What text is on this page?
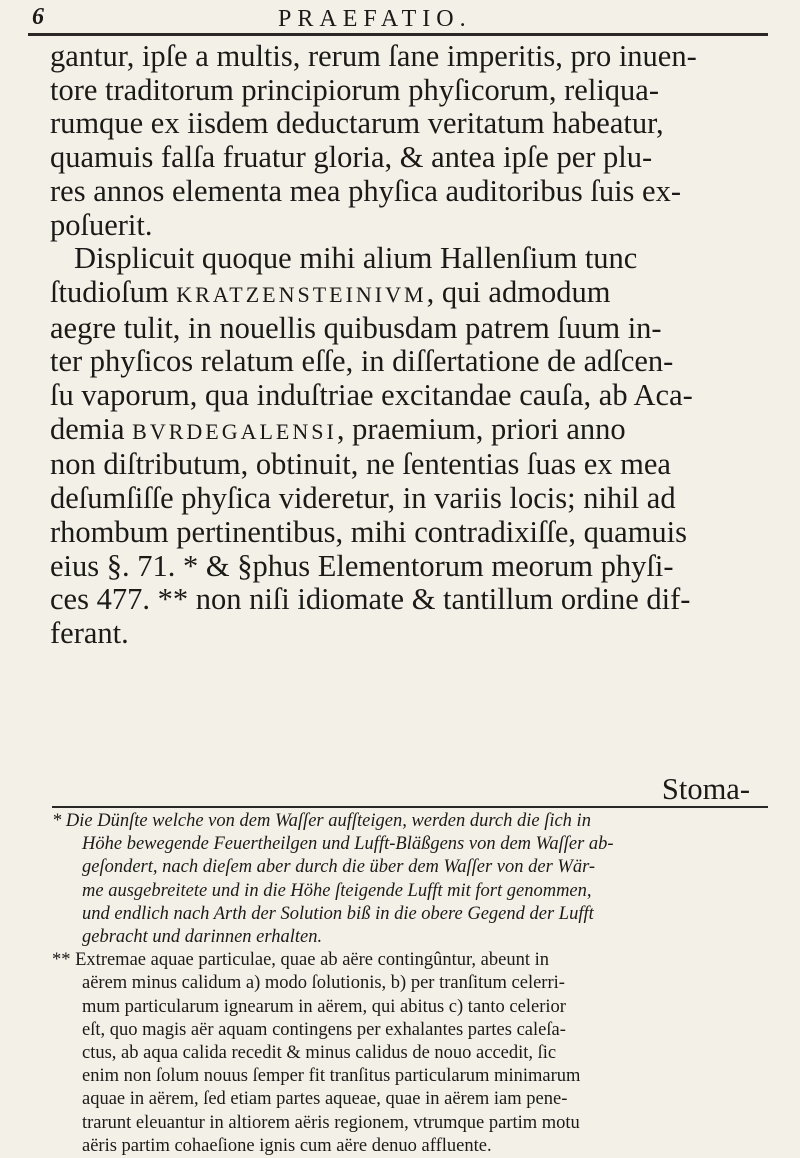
6	PRAEFATIO.

gantur, ipſe a multis, rerum ſane imperitis, pro inuen-
tore traditorum principiorum phyſicorum, reliqua-
rumque ex iisdem deductarum veritatum habeatur,
quamuis falſa fruatur gloria, & antea ipſe per plu-
res annos elementa mea phyſica auditoribus ſuis ex-
poſuerit.

Displicuit quoque mihi alium Hallenſium tunc
ſtudioſum KRATZENSTEINIVM, qui admodum
aegre tulit, in nouellis quibusdam patrem ſuum in-
ter phyſicos relatum eſſe, in diſſertatione de adſcen-
ſu vaporum, qua induſtriae excitandae cauſa, ab Aca-
demia BVRDEGALENSI, praemium, priori anno
non diſtributum, obtinuit, ne ſententias ſuas ex mea
deſumſiſſe phyſica videretur, in variis locis; nihil ad
rhombum pertinentibus, mihi contradixiſſe, quamuis
eius §. 71. * & §phus Elementorum meorum phyſi-
ces 477. ** non niſi idiomate & tantillum ordine dif-
ferant.

Stoma-
* Die Dünſte welche von dem Waſſer aufſteigen, werden durch die ſich in
Höhe bewegende Feuertheilgen und Lufft-Bläßgens von dem Waſſer ab-
geſondert, nach dieſem aber durch die über dem Waſſer von der Wär-
me ausgebreitete und in die Höhe ſteigende Lufft mit fort genommen,
und endlich nach Arth der Solution biß in die obere Gegend der Lufft
gebracht und darinnen erhalten.
** Extremae aquae particulae, quae ab aëre contingûntur, abeunt in
aërem minus calidum a) modo ſolutionis, b) per tranſitum celerri-
mum particularum ignearum in aërem, qui abitus c) tanto celerior
eſt, quo magis aër aquam contingens per exhalantes partes caleſa-
ctus, ab aqua calida recedit & minus calidus de nouo accedit, ſic
enim non ſolum nouus ſemper fit tranſitus particularum minimarum
aquae in aërem, ſed etiam partes aqueae, quae in aërem iam pene-
trarunt eleuantur in altiorem aëris regionem, vtrumque partim motu
aëris partim cohaeſione ignis cum aëre denuo affluente.
